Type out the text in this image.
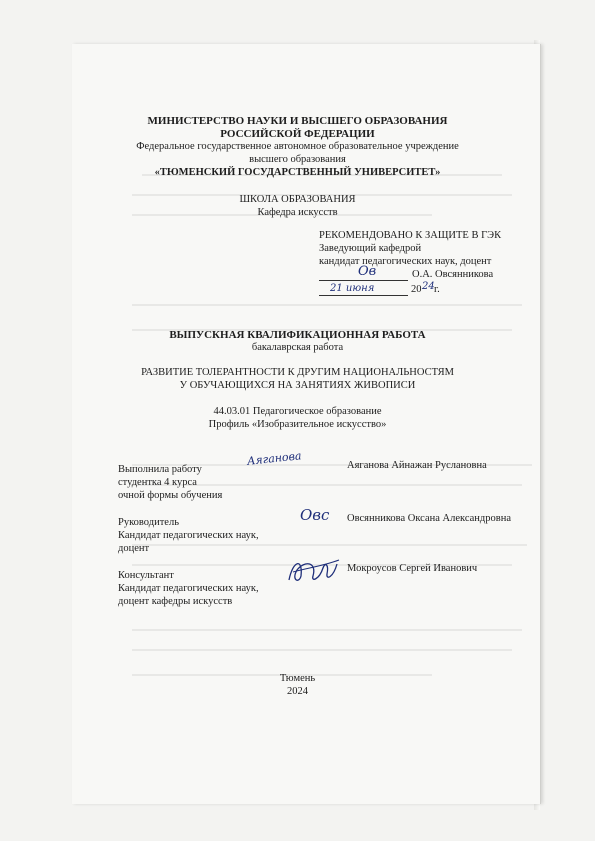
МИНИСТЕРСТВО НАУКИ И ВЫСШЕГО ОБРАЗОВАНИЯ
РОССИЙСКОЙ ФЕДЕРАЦИИ
Федеральное государственное автономное образовательное учреждение
высшего образования
«ТЮМЕНСКИЙ ГОСУДАРСТВЕННЫЙ УНИВЕРСИТЕТ»
ШКОЛА ОБРАЗОВАНИЯ
Кафедра искусств
РЕКОМЕНДОВАНО К ЗАЩИТЕ В ГЭК
Заведующий кафедрой
кандидат педагогических наук, доцент
Ов	О.А. Овсянникова
21 июня	20 24 г.
ВЫПУСКНАЯ КВАЛИФИКАЦИОННАЯ РАБОТА
бакалаврская работа
РАЗВИТИЕ ТОЛЕРАНТНОСТИ К ДРУГИМ НАЦИОНАЛЬНОСТЯМ
У ОБУЧАЮЩИХСЯ НА ЗАНЯТИЯХ ЖИВОПИСИ
44.03.01 Педагогическое образование
Профиль «Изобразительное искусство»
Выполнила работу
студентка 4 курса
очной формы обучения
Аяганова	Аяганова Айнажан Руслановна
Руководитель
Кандидат педагогических наук,
доцент
Овс Овсянникова Оксана Александровна
Консультант
Кандидат педагогических наук,
доцент кафедры искусств
Мокроусов Сергей Иванович
Тюмень
2024
